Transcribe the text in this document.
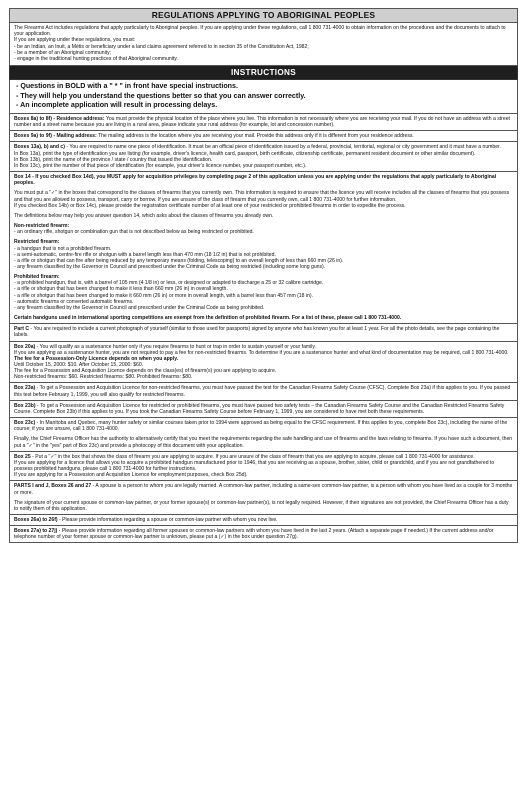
REGULATIONS APPLYING TO ABORIGINAL PEOPLES
The Firearms Act includes regulations that apply particularly to Aboriginal peoples. If you are applying under these regulations, call 1 800 731-4000 to obtain information on the procedures and the documents to attach to your application.
If you are applying under these regulations, you must:
- be an Indian, an Inuit, a Métis or beneficiary under a land claims agreement referred to in section 35 of the Constitution Act, 1982;
- be a member of an Aboriginal community;
- engage in the traditional hunting practices of that Aboriginal community.
INSTRUCTIONS
- Questions in BOLD with a " * " in front have special instructions.
- They will help you understand the questions better so that you can answer correctly.
- An incomplete application will result in processing delays.
Boxes 8a) to 8f) - Residence address: You must provide the physical location of the place where you live. This information is not necessarily where you are receiving your mail. If you do not have an address with a street number and a street name because you are living in a rural area, please indicate your rural address (for example, lot and concession number).
Boxes 9a) to 9f) - Mailing address: The mailing address is the location where you are receiving your mail. Provide this address only if it is different from your residence address.
Boxes 13a), b) and c) - You are required to name one piece of identification. It must be an official piece of identification issued by a federal, provincial, territorial, regional or city government and it must have a number.
In Box 13a), print the type of identification you are listing (for example, driver's licence, health card, passport, birth certificate, citizenship certificate, permanent resident document or other similar document).
In Box 13b), print the name of the province / state / country that issued the identification.
In Box 13c), print the number of that piece of identification (for example, your driver's licence number, your passport number, etc.).
Box 14 - If you checked Box 14d), you MUST apply for acquisition privileges by completing page 2 of this application unless you are applying under the regulations that apply particularly to Aboriginal peoples.
You must put a "✓" in the boxes that correspond to the classes of firearms that you currently own. This information is required to ensure that the licence you will receive includes all the classes of firearms that you possess and that you are allowed to possess, transport, carry or borrow. If you are unsure of the class of firearm that you currently own, call 1 800 731-4000 for further information.
If you checked Box 14b) or Box 14c), please provide the registration certificate number of at least one of your restricted or prohibited firearms in order to expedite the process.
The definitions below may help you answer question 14, which asks about the classes of firearms you already own.
Non-restricted firearm:
- an ordinary rifle, shotgun or combination gun that is not described below as being restricted or prohibited.
Restricted firearm:
- a handgun that is not a prohibited firearm.
- a semi-automatic, centre-fire rifle or shotgun with a barrel length less than 470 mm (18 1/2 in) that is not prohibited.
- a rifle or shotgun that can fire after being reduced by any temporary means (folding, telescoping) to an overall length of less than 660 mm (26 in).
- any firearm classified by the Governor in Council and prescribed under the Criminal Code as being restricted (including some long guns).
Prohibited firearm:
- a prohibited handgun, that is, with a barrel of 105 mm (4 1/8 in) or less, or designed or adapted to discharge a 25 or 32 calibre cartridge.
- a rifle or shotgun that has been changed to make it less than 660 mm (26 in) in overall length.
- a rifle or shotgun that has been changed to make it 660 mm (26 in) or more in overall length, with a barrel less than 457 mm (18 in).
- automatic firearms or converted automatic firearms.
- any firearm classified by the Governor in Council and prescribed under the Criminal Code as being prohibited.
Certain handguns used in international sporting competitions are exempt from the definition of prohibited firearm. For a list of these, please call 1 800 731-4000.
Part C - You are required to include a current photograph of yourself (similar to those used for passports) signed by anyone who has known you for at least 1 year. For all the photo details, see the page containing the labels.
Box 20a) - You will qualify as a sustenance hunter only if you require firearms to hunt or trap in order to sustain yourself or your family.
If you are applying as a sustenance hunter, you are not required to pay a fee for non-restricted firearms. To determine if you are a sustenance hunter and what kind of documentation may be required, call 1 800 731-4000.
The fee for a Possession-Only Licence depends on when you apply.
Until October 15, 2000: $10. After October 15, 2000: $60.
The fee for a Possession and Acquisition Licence depends on the class(es) of firearm(s) you are applying to acquire.
Non-restricted firearms: $60. Restricted firearms: $80. Prohibited firearms: $80.
Box 23a) - To get a Possession and Acquisition Licence for non-restricted firearms, you must have passed the test for the Canadian Firearms Safety Course (CFSC). Complete Box 23a) if this applies to you. If you passed this test before February 1, 1999, you will also qualify for restricted firearms.
Box 23b) - To get a Possession and Acquisition Licence for restricted or prohibited firearms, you must have passed two safety tests – the Canadian Firearms Safety Course and the Canadian Restricted Firearms Safety Course. Complete Box 23b) if this applies to you. If you took the Canadian Firearms Safety Course before February 1, 1999, you are considered to have met both these requirements.
Box 23c) - In Manitoba and Quebec, many hunter safety or similar courses taken prior to 1994 were approved as being equal to the CFSC requirement. If this applies to you, complete Box 23c), including the name of the course; if you are unsure, call 1 800 731-4000.
Finally, the Chief Firearms Officer has the authority to alternatively certify that you meet the requirements regarding the safe handling and use of firearms and the laws relating to firearms. If you have such a document, then put a "✓" in the "yes" part of Box 23c) and provide a photocopy of this document with your application.
Box 25 - Put a "✓" in the box that shows the class of firearm you are applying to acquire. If you are unsure of the class of firearm that you are applying to acquire, please call 1 800 731-4000 for assistance.
If you are applying for a licence that allows you to acquire a prohibited handgun manufactured prior to 1946, that you are receiving as a spouse, brother, sister, child or grandchild, and if you are not grandfathered to possess prohibited handguns, please call 1 800 731-4000 for further instructions.
If you are applying for a Possession and Acquisition Licence for employment purposes, check Box 25d).
PARTS I and J, Boxes 26 and 27 - A spouse is a person to whom you are legally married. A common-law partner, including a same-sex common-law partner, is a person with whom you have lived as a couple for 3 months or more.
The signature of your current spouse or common-law partner, or your former spouse(s) or common-law partner(s), is not legally required. However, if their signatures are not provided, the Chief Firearms Officer has a duty to notify them of this application.
Boxes 26a) to 26f) - Please provide information regarding a spouse or common-law partner with whom you now live.
Boxes 27a) to 27j) - Please provide information regarding all former spouses or common-law partners with whom you have lived in the last 2 years. (Attach a separate page if needed.) If the current address and/or telephone number of your former spouse or common-law partner is unknown, please put a (✓) in the box under question 27g).
